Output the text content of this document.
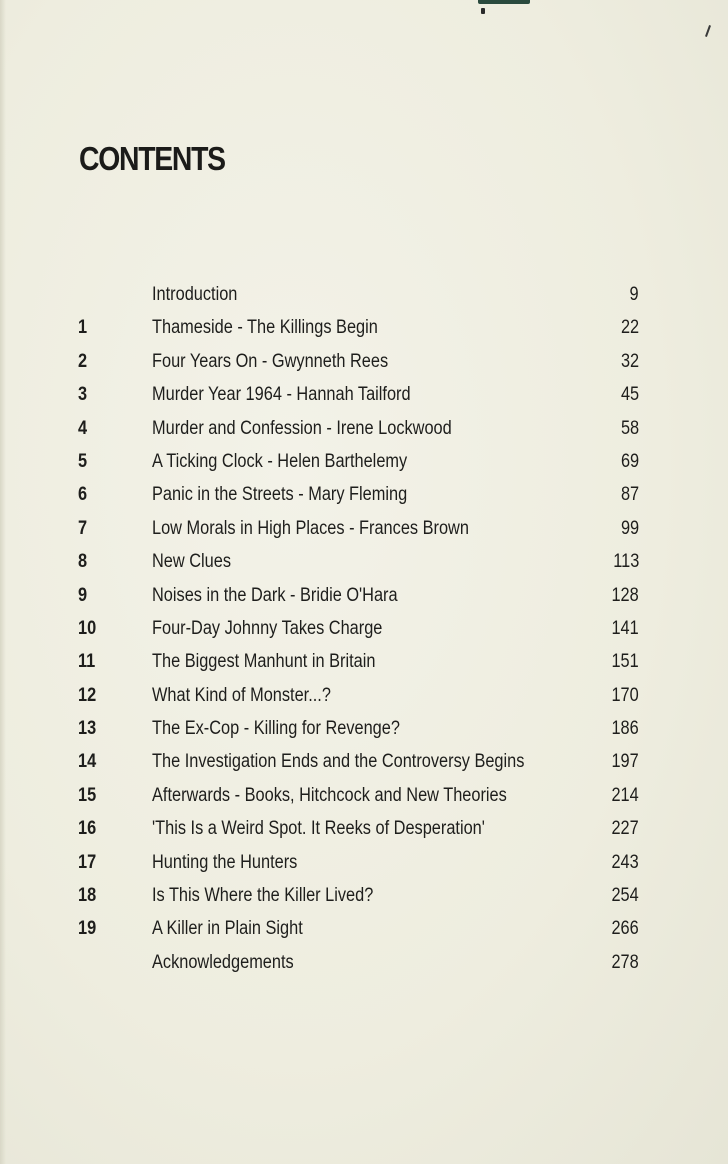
CONTENTS
Introduction	9
1	Thameside - The Killings Begin	22
2	Four Years On - Gwynneth Rees	32
3	Murder Year 1964 - Hannah Tailford	45
4	Murder and Confession - Irene Lockwood	58
5	A Ticking Clock - Helen Barthelemy	69
6	Panic in the Streets - Mary Fleming	87
7	Low Morals in High Places - Frances Brown	99
8	New Clues	113
9	Noises in the Dark - Bridie O'Hara	128
10	Four-Day Johnny Takes Charge	141
11	The Biggest Manhunt in Britain	151
12	What Kind of Monster...?	170
13	The Ex-Cop - Killing for Revenge?	186
14	The Investigation Ends and the Controversy Begins	197
15	Afterwards - Books, Hitchcock and New Theories	214
16	'This Is a Weird Spot. It Reeks of Desperation'	227
17	Hunting the Hunters	243
18	Is This Where the Killer Lived?	254
19	A Killer in Plain Sight	266
Acknowledgements	278
